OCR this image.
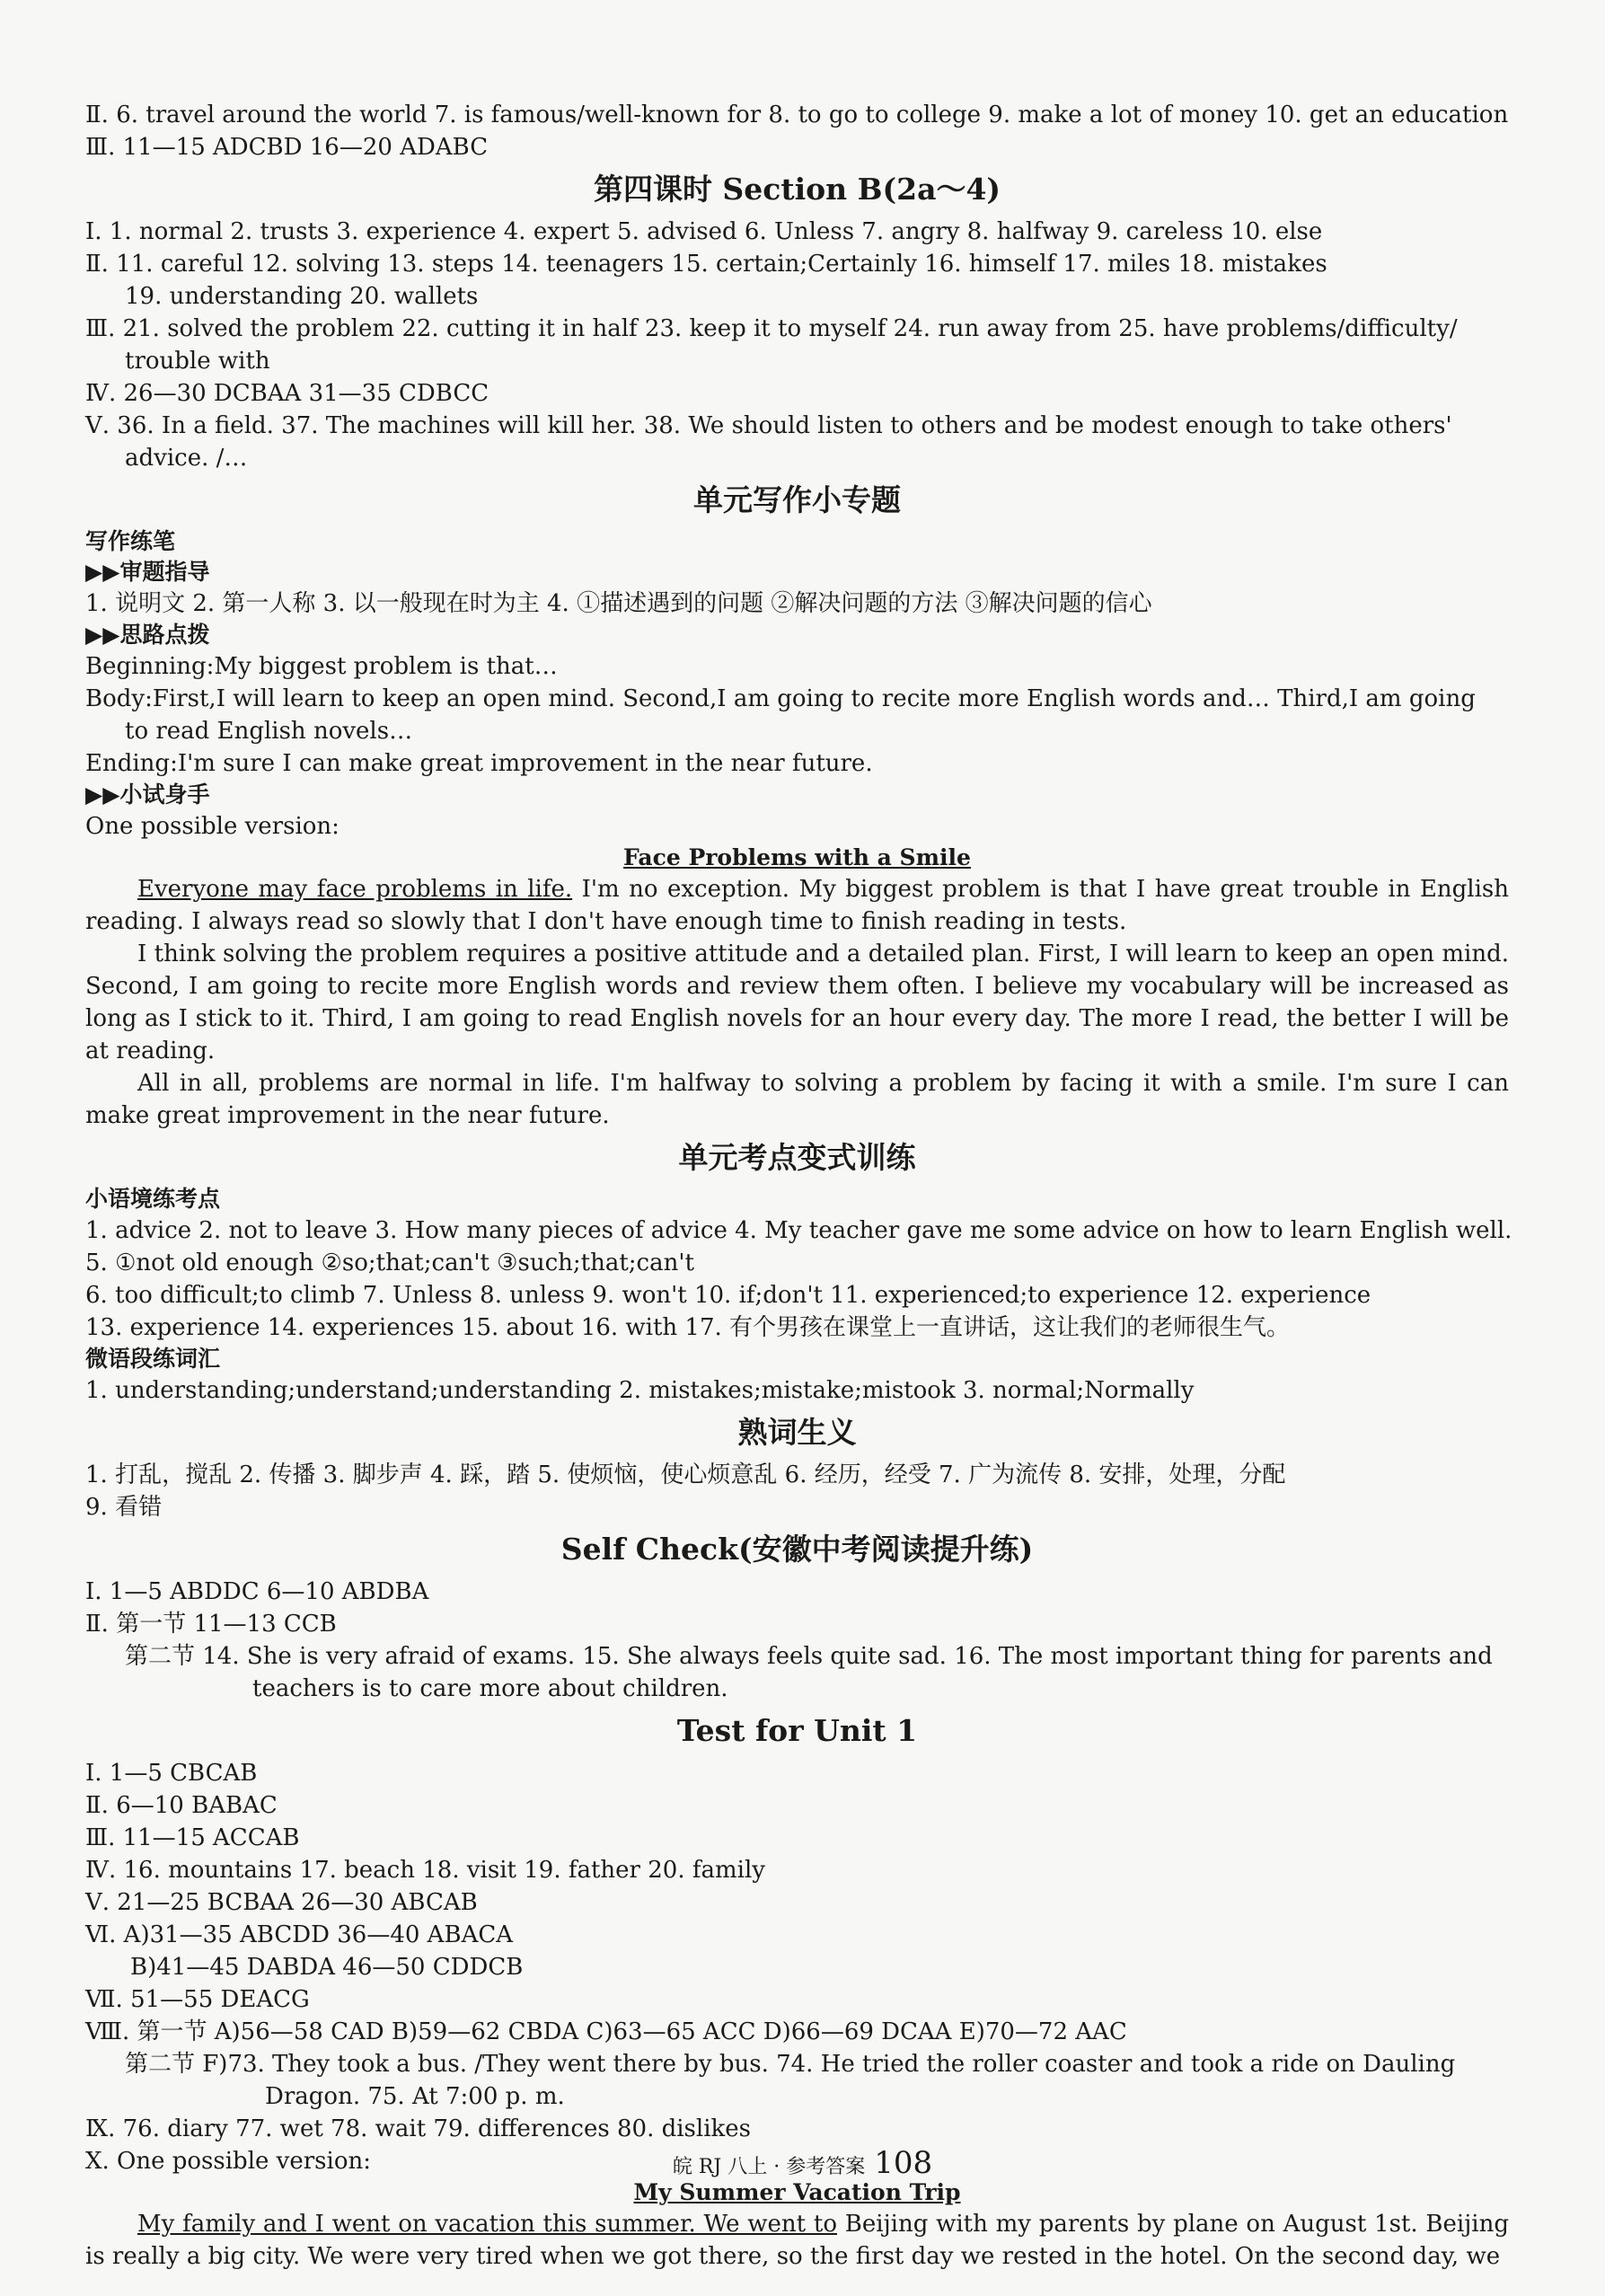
Ⅱ. 6. travel around the world 7. is famous/well-known for 8. to go to college 9. make a lot of money 10. get an education
Ⅲ. 11—15 ADCBD 16—20 ADABC
第四课时 Section B(2a～4)
Ⅰ. 1. normal 2. trusts 3. experience 4. expert 5. advised 6. Unless 7. angry 8. halfway 9. careless 10. else
Ⅱ. 11. careful 12. solving 13. steps 14. teenagers 15. certain;Certainly 16. himself 17. miles 18. mistakes
19. understanding 20. wallets
Ⅲ. 21. solved the problem 22. cutting it in half 23. keep it to myself 24. run away from 25. have problems/difficulty/
trouble with
Ⅳ. 26—30 DCBAA 31—35 CDBCC
Ⅴ. 36. In a field. 37. The machines will kill her. 38. We should listen to others and be modest enough to take others'
advice. /…
单元写作小专题
写作练笔
▶▶审题指导
1. 说明文 2. 第一人称 3. 以一般现在时为主 4. ①描述遇到的问题 ②解决问题的方法 ③解决问题的信心
▶▶思路点拨
Beginning:My biggest problem is that…
Body:First,I will learn to keep an open mind. Second,I am going to recite more English words and… Third,I am going
to read English novels…
Ending:I'm sure I can make great improvement in the near future.
▶▶小试身手
One possible version:
Face Problems with a Smile
Everyone may face problems in life. I'm no exception. My biggest problem is that I have great trouble in English reading. I always read so slowly that I don't have enough time to finish reading in tests.
I think solving the problem requires a positive attitude and a detailed plan. First, I will learn to keep an open mind. Second, I am going to recite more English words and review them often. I believe my vocabulary will be increased as long as I stick to it. Third, I am going to read English novels for an hour every day. The more I read, the better I will be at reading.
All in all, problems are normal in life. I'm halfway to solving a problem by facing it with a smile. I'm sure I can make great improvement in the near future.
单元考点变式训练
小语境练考点
1. advice 2. not to leave 3. How many pieces of advice 4. My teacher gave me some advice on how to learn English well.
5. ①not old enough ②so;that;can't ③such;that;can't
6. too difficult;to climb 7. Unless 8. unless 9. won't 10. if;don't 11. experienced;to experience 12. experience
13. experience 14. experiences 15. about 16. with 17. 有个男孩在课堂上一直讲话，这让我们的老师很生气。
微语段练词汇
1. understanding;understand;understanding 2. mistakes;mistake;mistook 3. normal;Normally
熟词生义
1. 打乱，搅乱 2. 传播 3. 脚步声 4. 踩，踏 5. 使烦恼，使心烦意乱 6. 经历，经受 7. 广为流传 8. 安排，处理，分配
9. 看错
Self Check(安徽中考阅读提升练)
Ⅰ. 1—5 ABDDC 6—10 ABDBA
Ⅱ. 第一节 11—13 CCB
第二节 14. She is very afraid of exams. 15. She always feels quite sad. 16. The most important thing for parents and
teachers is to care more about children.
Test for Unit 1
Ⅰ. 1—5 CBCAB
Ⅱ. 6—10 BABAC
Ⅲ. 11—15 ACCAB
Ⅳ. 16. mountains 17. beach 18. visit 19. father 20. family
Ⅴ. 21—25 BCBAA 26—30 ABCAB
Ⅵ. A)31—35 ABCDD 36—40 ABACA
B)41—45 DABDA 46—50 CDDCB
Ⅶ. 51—55 DEACG
Ⅷ. 第一节 A)56—58 CAD B)59—62 CBDA C)63—65 ACC D)66—69 DCAA E)70—72 AAC
第二节 F)73. They took a bus. /They went there by bus. 74. He tried the roller coaster and took a ride on Dauling
Dragon. 75. At 7:00 p. m.
Ⅸ. 76. diary 77. wet 78. wait 79. differences 80. dislikes
Ⅹ. One possible version:
My Summer Vacation Trip
My family and I went on vacation this summer. We went to Beijing with my parents by plane on August 1st. Beijing is really a big city. We were very tired when we got there, so the first day we rested in the hotel. On the second day, we
皖 RJ 八上 · 参考答案 108
